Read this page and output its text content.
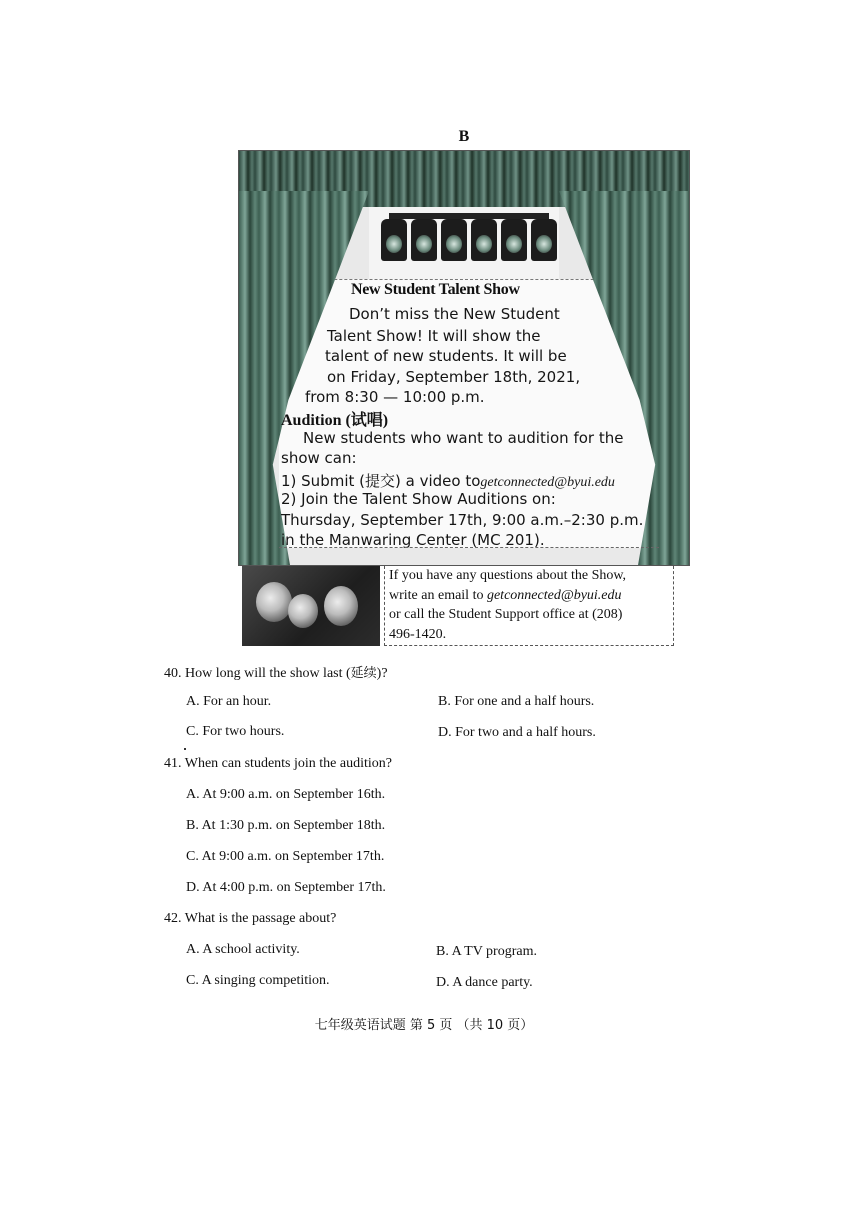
B
New Student Talent Show
Don’t miss the New Student
Talent Show! It will show the
talent of new students. It will be
on Friday, September 18th, 2021,
from 8:30 — 10:00 p.m.
Audition (试唱)
New students who want to audition for the
show can:
1) Submit (提交) a video togetconnected@byui.edu
2) Join the Talent Show Auditions on:
Thursday, September 17th, 9:00 a.m.–2:30 p.m.
in the Manwaring Center (MC 201).
If you have any questions about the Show,
write an email to getconnected@byui.edu
or call the Student Support office at (208)
496-1420.
40. How long will the show last (延续)?
A. For an hour.	B. For one and a half hours.
C. For two hours.	D. For two and a half hours.
41. When can students join the audition?
A. At 9:00 a.m. on September 16th.
B. At 1:30 p.m. on September 18th.
C. At 9:00 a.m. on September 17th.
D. At 4:00 p.m. on September 17th.
42. What is the passage about?
A. A school activity.	B. A TV program.
C. A singing competition.	D. A dance party.
七年级英语试题 第 5 页 （共 10 页）
